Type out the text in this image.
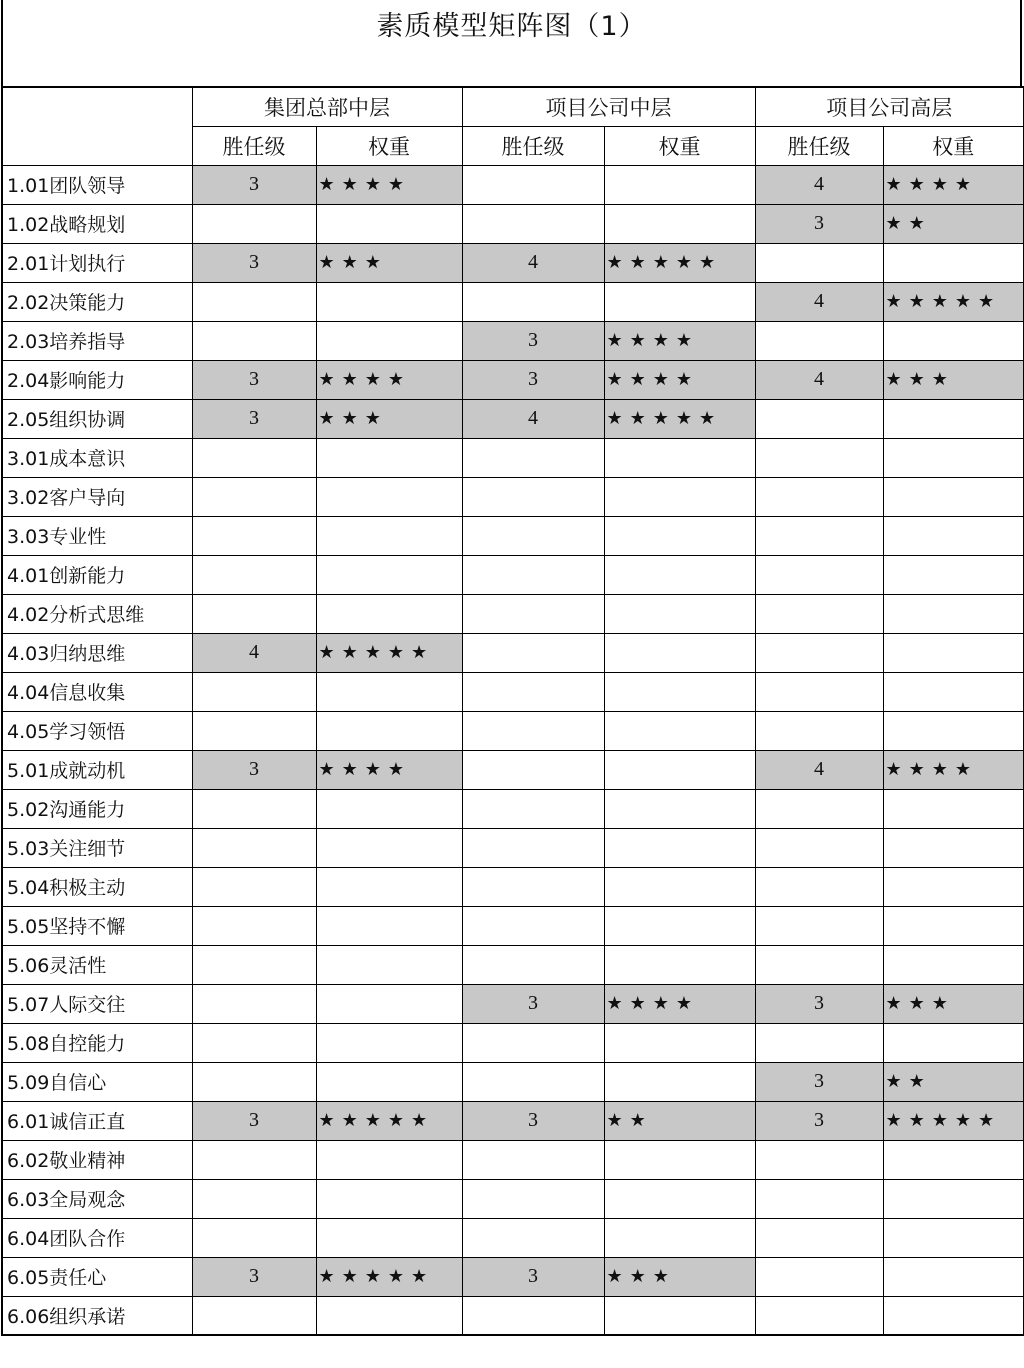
素质模型矩阵图（1）
	集团总部中层		项目公司中层		项目公司高层	
	胜任级	权重	胜任级	权重	胜任级	权重
1.01团队领导	3	★★★★			4	★★★★
1.02战略规划					3	★★
2.01计划执行	3	★★★	4	★★★★★		
2.02决策能力					4	★★★★★
2.03培养指导			3	★★★★		
2.04影响能力	3	★★★★	3	★★★★	4	★★★
2.05组织协调	3	★★★	4	★★★★★		
3.01成本意识						
3.02客户导向						
3.03专业性						
4.01创新能力						
4.02分析式思维						
4.03归纳思维	4	★★★★★				
4.04信息收集						
4.05学习领悟						
5.01成就动机	3	★★★★			4	★★★★
5.02沟通能力						
5.03关注细节						
5.04积极主动						
5.05坚持不懈						
5.06灵活性						
5.07人际交往			3	★★★★	3	★★★
5.08自控能力						
5.09自信心					3	★★
6.01诚信正直	3	★★★★★	3	★★	3	★★★★★
6.02敬业精神						
6.03全局观念						
6.04团队合作						
6.05责任心	3	★★★★★	3	★★★		
6.06组织承诺						
